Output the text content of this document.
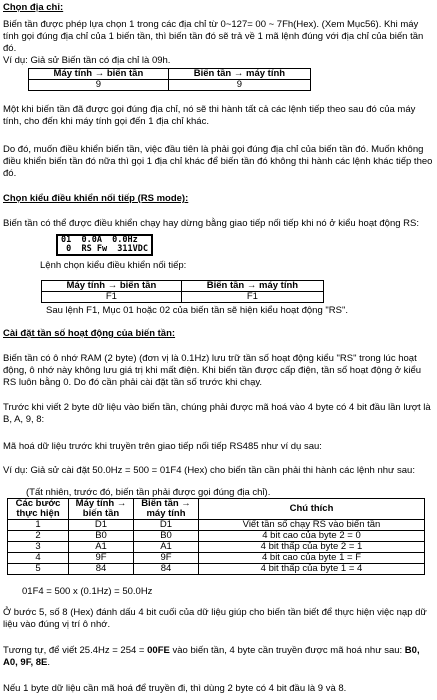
Chọn địa chỉ:

Biến tần được phép lựa chọn 1 trong các địa chỉ từ 0~127= 00 ~ 7Fh(Hex). (Xem Mục56). Khi máy tính gọi đúng địa chỉ của 1 biến tần, thì biến tần đó sẽ trả về 1 mã lệnh đúng với địa chỉ của biến tần đó.

Ví dụ: Giả sử Biến tần có địa chỉ là 09h.

Máy tính → biến tần	Biến tần → máy tính
9	9

Một khi biến tần đã được gọi đúng địa chỉ, nó sẽ thi hành tất cả các lệnh tiếp theo sau đó của máy tính, cho đến khi máy tính gọi đến 1 địa chỉ khác.

Do đó, muốn điều khiển biến tần, việc đầu tiên là phải gọi đúng địa chỉ của biến tần đó. Muốn không điều khiển biến tần đó nữa thì gọi 1 địa chỉ khác để biến tần đó không thi hành các lệnh khác tiếp theo đó.

Chọn kiểu điều khiển nối tiếp (RS mode):

Biến tần có thể được điều khiển chạy hay dừng bằng giao tiếp nối tiếp khi nó ở kiểu hoạt động RS:

01  0.0A  0.0Hz
0  RS Fw  311VDC

Lệnh chọn kiểu điều khiển nối tiếp:

Máy tính → biến tần	Biến tần → máy tính
F1	F1

Sau lệnh F1, Mục 01 hoặc 02 của biến tần sẽ hiện kiểu hoạt động "RS".

Cài đặt tần số hoạt động của biến tần:

Biến tần có ô nhớ RAM (2 byte) (đơn vị là 0.1Hz) lưu trữ tần số hoạt động kiểu "RS" trong lúc hoạt động, ô nhớ này không lưu giá trị khi mất điện. Khi biến tần được cấp điện, tần số hoạt động ở kiểu RS luôn bằng 0. Do đó cần phải cài đặt tần số trước khi chạy.

Trước khi viết 2 byte dữ liệu vào biến tần, chúng phải được mã hoá vào 4 byte có 4 bit đầu lần lượt là B, A, 9, 8:

Mã hoá dữ liệu trước khi truyền trên giao tiếp nối tiếp RS485 như ví dụ sau:

Ví dụ: Giả sử cài đặt 50.0Hz = 500 = 01F4 (Hex) cho biến tần cần phải thi hành các lệnh như sau:

(Tất nhiên, trước đó, biến tần phải được gọi đúng địa chỉ).

Các bước thực hiện	Máy tính → biến tần	Biến tần → máy tính	Chú thích
1	D1	D1	Viết tần số chạy RS vào biến tần
2	B0	B0	4 bit cao của byte 2 = 0
3	A1	A1	4 bit thấp của byte 2 = 1
4	9F	9F	4 bit cao của byte 1 = F
5	84	84	4 bit thấp của byte 1 = 4

01F4 = 500 x (0.1Hz) = 50.0Hz

Ở bước 5, số 8 (Hex) đánh dấu 4 bit cuối của dữ liệu giúp cho biến tần biết để thực hiện việc nạp dữ liệu vào đúng vị trí ô nhớ.

Tương tự, để viết 25.4Hz = 254 = 00FE vào biến tần, 4 byte cần truyền được mã hoá như sau: B0, A0, 9F, 8E.

Nếu 1 byte dữ liệu cần mã hoá để truyền đi, thì dùng 2 byte có 4 bit đầu là 9 và 8.
